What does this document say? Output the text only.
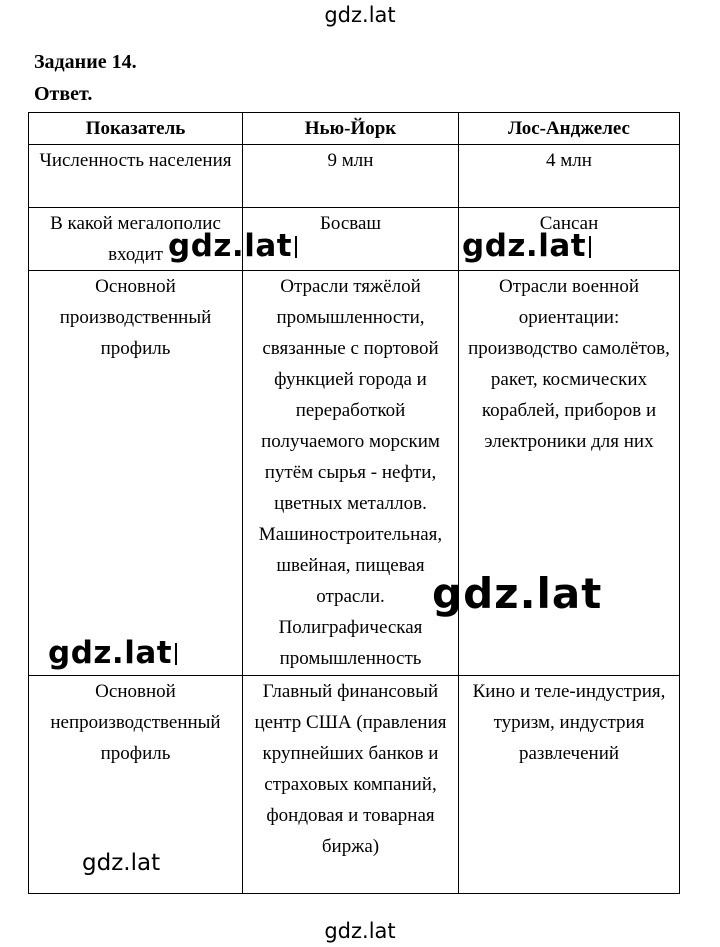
gdz.lat
Задание 14.
Ответ.
Показатель	Нью-Йорк	Лос-Анджелес
Численность населения	9 млн	4 млн
В какой мегалополис входит	Босваш	Сансан
Основной производственный профиль	Отрасли тяжёлой промышленности, связанные с портовой функцией города и переработкой получаемого морским путём сырья - нефти, цветных металлов. Машиностроительная, швейная, пищевая отрасли. Полиграфическая промышленность	Отрасли военной ориентации: производство самолётов, ракет, космических кораблей, приборов и электроники для них
Основной непроизводственный профиль	Главный финансовый центр США (правления крупнейших банков и страховых компаний, фондовая и товарная биржа)	Кино и теле-индустрия, туризм, индустрия развлечений
gdz.lat	gdz.lat
gdz.lat
gdz.lat
gdz.lat
gdz.lat
